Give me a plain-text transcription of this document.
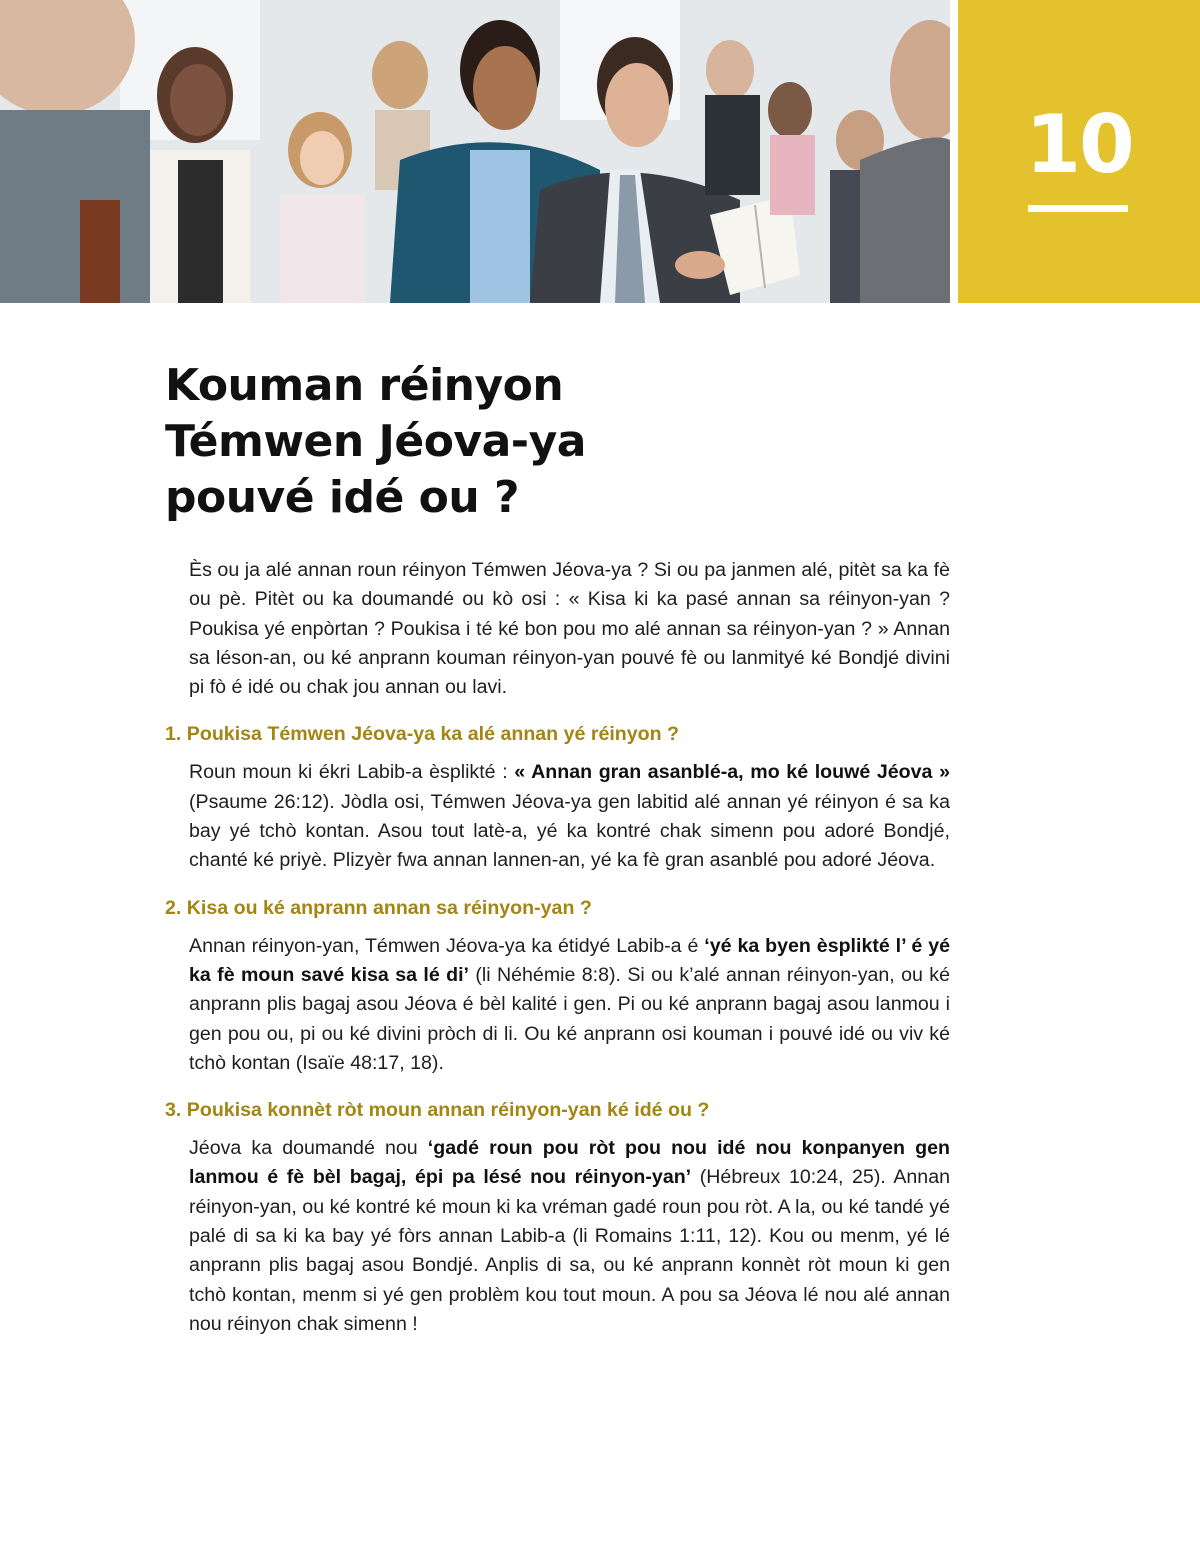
10
Kouman réinyon
Témwen Jéova-ya
pouvé idé ou ?

Ès ou ja alé annan roun réinyon Témwen Jéova-ya ? Si ou pa janmen alé, pitèt sa ka fè ou pè. Pitèt ou ka doumandé ou kò osi : « Kisa ki ka pasé annan sa réinyon-yan ? Poukisa yé enpòrtan ? Poukisa i té ké bon pou mo alé annan sa réinyon-yan ? » Annan sa léson-an, ou ké anprann kouman réinyon-yan pouvé fè ou lanmityé ké Bondjé divini pi fò é idé ou chak jou annan ou lavi.

1. Poukisa Témwen Jéova-ya ka alé annan yé réinyon ?

Roun moun ki ékri Labib-a èsplikté : « Annan gran asanblé-a, mo ké louwé Jéova » (Psaume 26:12). Jòdla osi, Témwen Jéova-ya gen labitid alé annan yé réinyon é sa ka bay yé tchò kontan. Asou tout latè-a, yé ka kontré chak simenn pou adoré Bondjé, chanté ké priyè. Plizyèr fwa annan lannen-an, yé ka fè gran asanblé pou adoré Jéova.

2. Kisa ou ké anprann annan sa réinyon-yan ?

Annan réinyon-yan, Témwen Jéova-ya ka étidyé Labib-a é ‘yé ka byen èsplikté l’ é yé ka fè moun savé kisa sa lé di’ (li Néhémie 8:8). Si ou k’alé annan réinyon-yan, ou ké anprann plis bagaj asou Jéova é bèl kalité i gen. Pi ou ké anprann bagaj asou lanmou i gen pou ou, pi ou ké divini pròch di li. Ou ké anprann osi kouman i pouvé idé ou viv ké tchò kontan (Isaïe 48:17, 18).

3. Poukisa konnèt ròt moun annan réinyon-yan ké idé ou ?

Jéova ka doumandé nou ‘gadé roun pou ròt pou nou idé nou konpanyen gen lanmou é fè bèl bagaj, épi pa lésé nou réinyon-yan’ (Hébreux 10:24, 25). Annan réinyon-yan, ou ké kontré ké moun ki ka vréman gadé roun pou ròt. A la, ou ké tandé yé palé di sa ki ka bay yé fòrs annan Labib-a (li Romains 1:11, 12). Kou ou menm, yé lé anprann plis bagaj asou Bondjé. Anplis di sa, ou ké anprann konnèt ròt moun ki gen tchò kontan, menm si yé gen problèm kou tout moun. A pou sa Jéova lé nou alé annan nou réinyon chak simenn !
